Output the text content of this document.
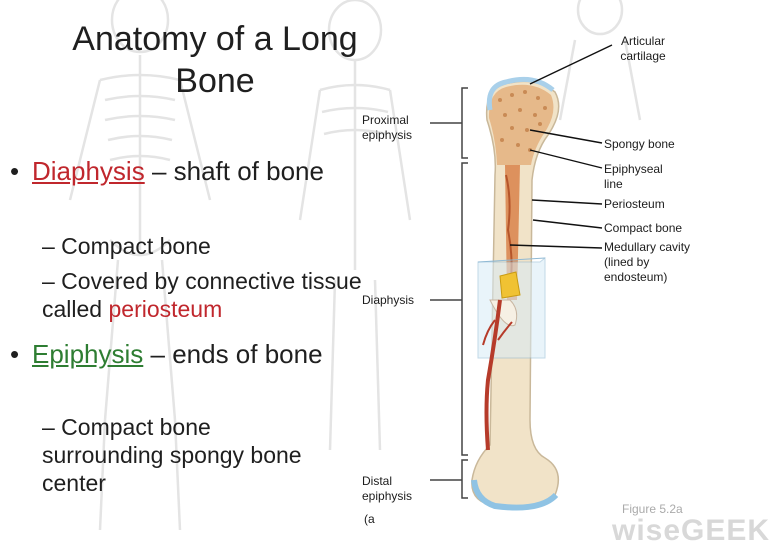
Anatomy of a Long Bone
• Diaphysis – shaft of bone
– Compact bone
– Covered by connective tissue called periosteum
• Epiphysis – ends of bone
– Compact bone surrounding spongy bone center
Proximal epiphysis
Diaphysis
Distal epiphysis
(a
Articular cartilage
Spongy bone
Epiphyseal line
Periosteum
Compact bone
Medullary cavity (lined by endosteum)
Figure 5.2a
wiseGEEK
